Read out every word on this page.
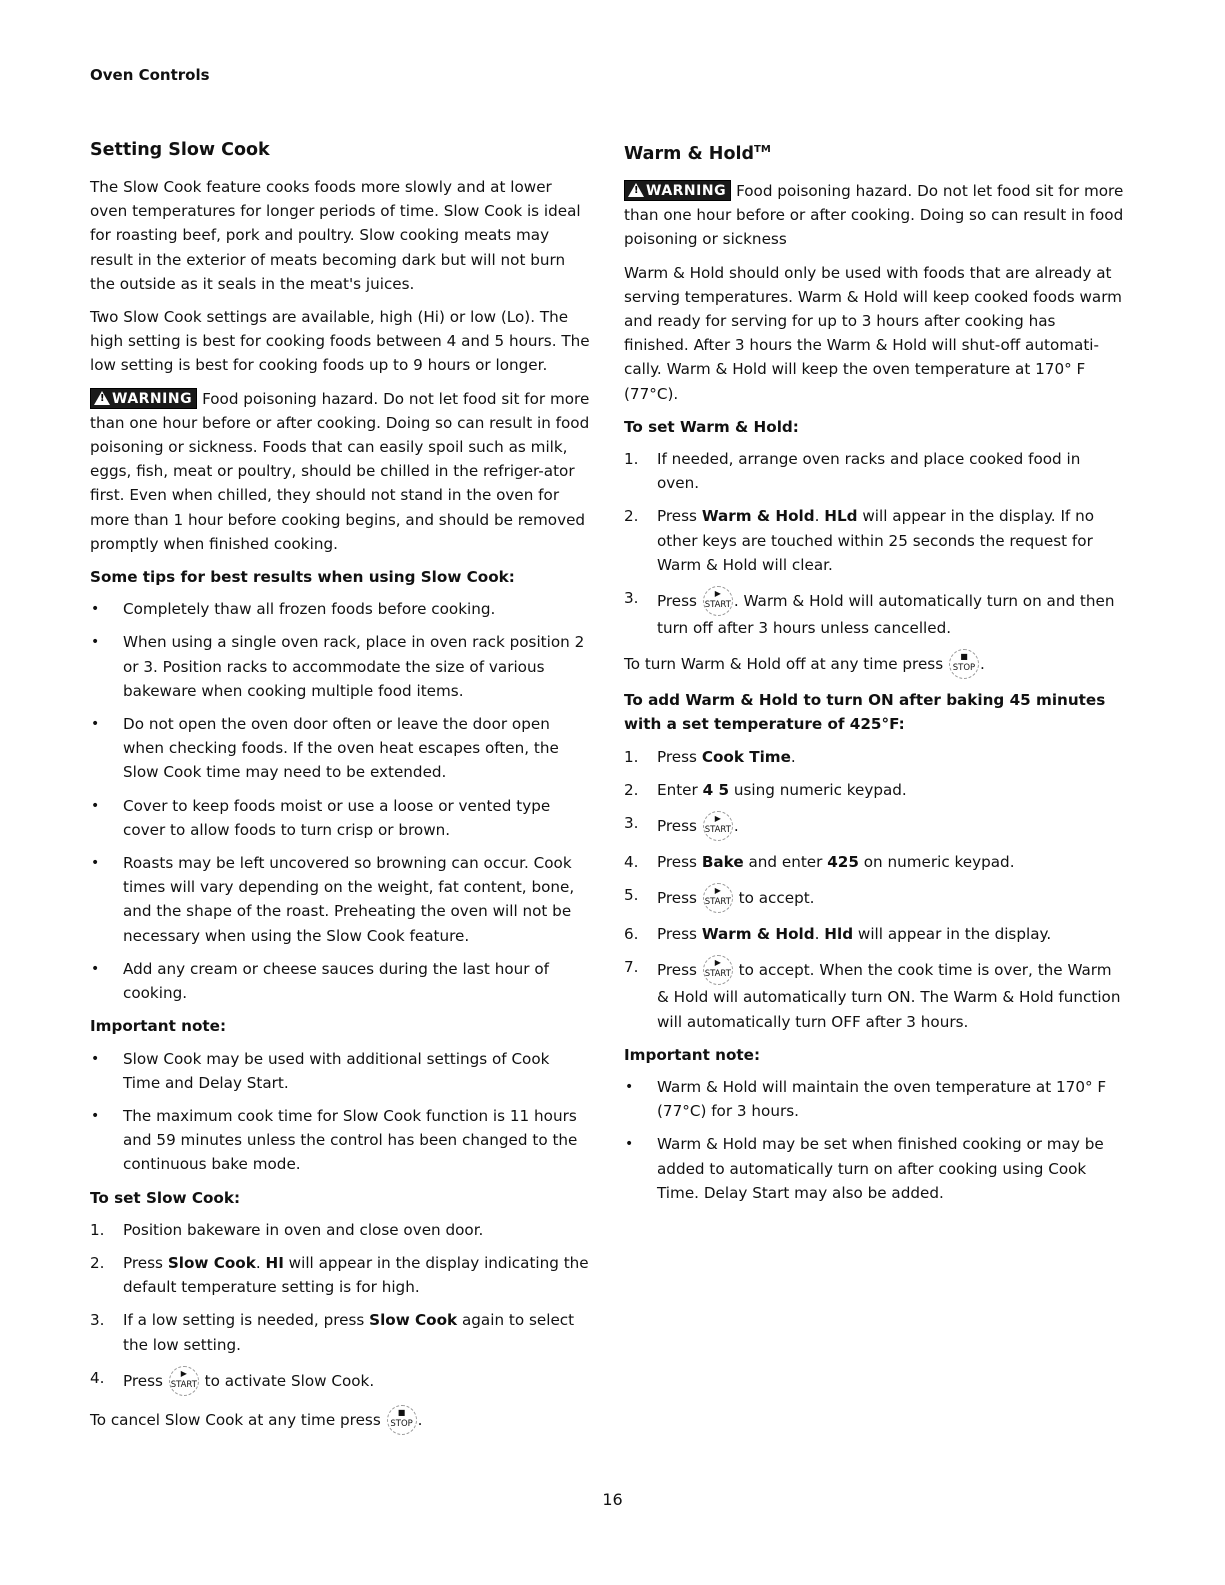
Oven Controls
Setting Slow Cook

The Slow Cook feature cooks foods more slowly and at lower oven temperatures for longer periods of time. Slow Cook is ideal for roasting beef, pork and poultry. Slow cooking meats may result in the exterior of meats becoming dark but will not burn the outside as it seals in the meat's juices.

Two Slow Cook settings are available, high (Hi) or low (Lo). The high setting is best for cooking foods between 4 and 5 hours. The low setting is best for cooking foods up to 9 hours or longer.

! WARNING Food poisoning hazard. Do not let food sit for more than one hour before or after cooking. Doing so can result in food poisoning or sickness. Foods that can easily spoil such as milk, eggs, fish, meat or poultry, should be chilled in the refriger-ator first. Even when chilled, they should not stand in the oven for more than 1 hour before cooking begins, and should be removed promptly when finished cooking.

Some tips for best results when using Slow Cook:
• Completely thaw all frozen foods before cooking.
• When using a single oven rack, place in oven rack position 2 or 3. Position racks to accommodate the size of various bakeware when cooking multiple food items.
• Do not open the oven door often or leave the door open when checking foods. If the oven heat escapes often, the Slow Cook time may need to be extended.
• Cover to keep foods moist or use a loose or vented type cover to allow foods to turn crisp or brown.
• Roasts may be left uncovered so browning can occur. Cook times will vary depending on the weight, fat content, bone, and the shape of the roast. Preheating the oven will not be necessary when using the Slow Cook feature.
• Add any cream or cheese sauces during the last hour of cooking.
Important note:
• Slow Cook may be used with additional settings of Cook Time and Delay Start.
• The maximum cook time for Slow Cook function is 11 hours and 59 minutes unless the control has been changed to the continuous bake mode.
To set Slow Cook:
1. Position bakeware in oven and close oven door.
2. Press Slow Cook. HI will appear in the display indicating the default temperature setting is for high.
3. If a low setting is needed, press Slow Cook again to select the low setting.
4. Press	▶
START to activate Slow Cook.

To cancel Slow Cook at any time press	■
STOP .

Warm & Hold™

! WARNING Food poisoning hazard. Do not let food sit for more than one hour before or after cooking. Doing so can result in food poisoning or sickness

Warm & Hold should only be used with foods that are already at serving temperatures. Warm & Hold will keep cooked foods warm and ready for serving for up to 3 hours after cooking has finished. After 3 hours the Warm & Hold will shut-off automati-cally. Warm & Hold will keep the oven temperature at 170° F (77°C).

To set Warm & Hold:
1. If needed, arrange oven racks and place cooked food in oven.
2. Press Warm & Hold. HLd will appear in the display. If no other keys are touched within 25 seconds the request for Warm & Hold will clear.
3. Press	▶
START . Warm & Hold will automatically turn on and then turn off after 3 hours unless cancelled.

To turn Warm & Hold off at any time press	■
STOP .

To add Warm & Hold to turn ON after baking 45 minutes with a set temperature of 425°F:
1. Press Cook Time.
2. Enter 4 5 using numeric keypad.
3. Press	▶
START .
4. Press Bake and enter 425 on numeric keypad.
5. Press	▶
START to accept.
6. Press Warm & Hold. Hld will appear in the display.
7. Press	▶
START to accept. When the cook time is over, the Warm & Hold will automatically turn ON. The Warm & Hold function will automatically turn OFF after 3 hours.
Important note:
• Warm & Hold will maintain the oven temperature at 170° F (77°C) for 3 hours.
• Warm & Hold may be set when finished cooking or may be added to automatically turn on after cooking using Cook Time. Delay Start may also be added.
16
